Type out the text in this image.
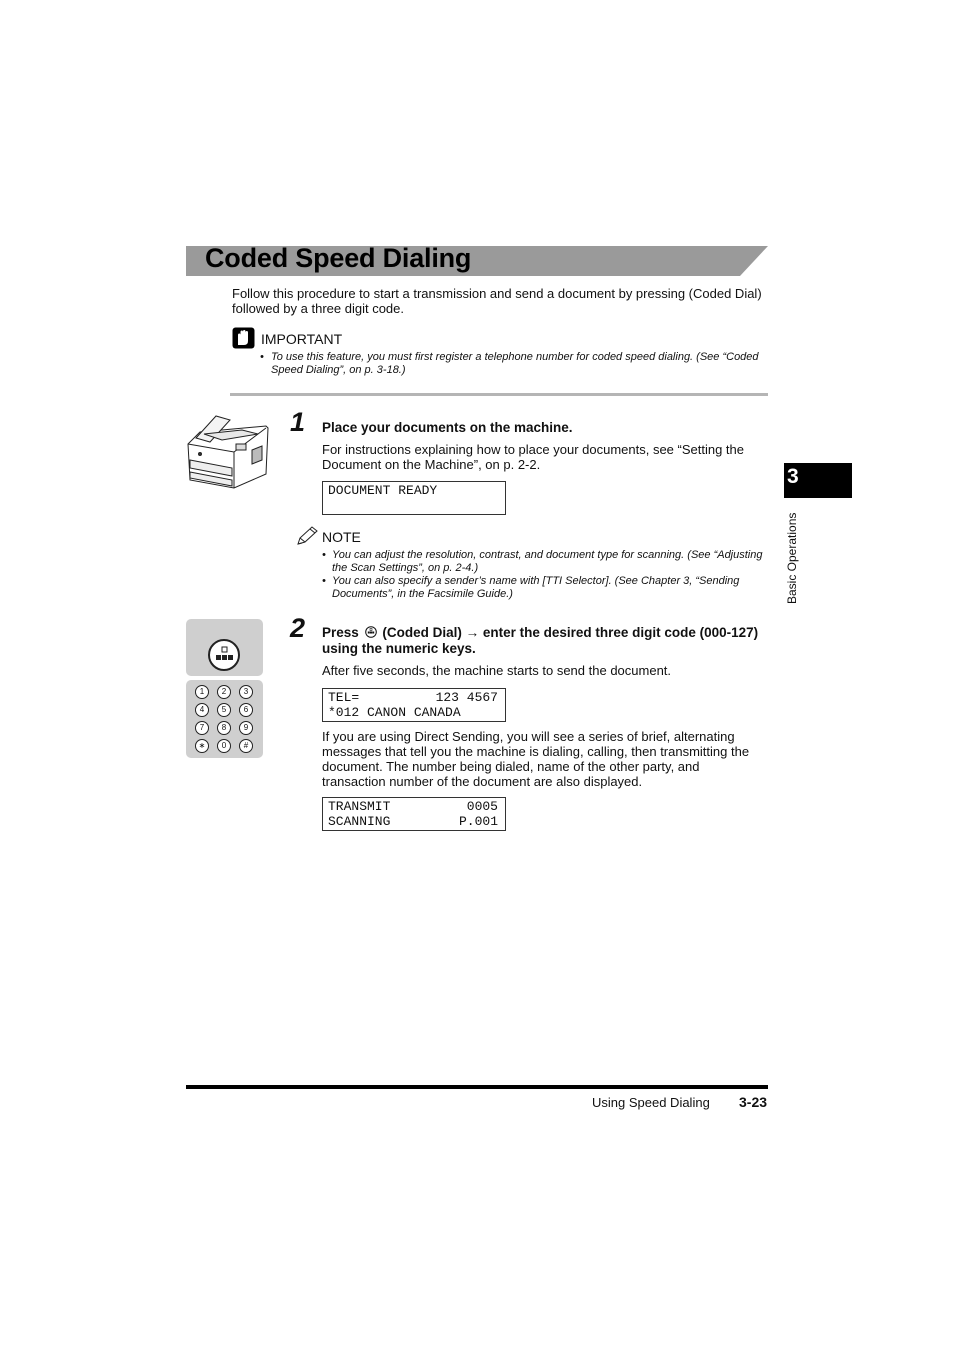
Coded Speed Dialing
Follow this procedure to start a transmission and send a document by pressing (Coded Dial) followed by a three digit code.
IMPORTANT
• To use this feature, you must first register a telephone number for coded speed dialing. (See “Coded Speed Dialing”, on p. 3-18.)
1 Place your documents on the machine.
For instructions explaining how to place your documents, see “Setting the Document on the Machine”, on p. 2-2.
DOCUMENT READY
NOTE
• You can adjust the resolution, contrast, and document type for scanning. (See “Adjusting the Scan Settings”, on p. 2-4.)
• You can also specify a sender’s name with [TTI Selector]. (See Chapter 3, “Sending Documents”, in the Facsimile Guide.)
1	2	3
4	5	6
7	8	9
∗	0	#
2 Press (Coded Dial) → enter the desired three digit code (000-127) using the numeric keys.
After five seconds, the machine starts to send the document.
TEL=	123 4567
*012 CANON CANADA
If you are using Direct Sending, you will see a series of brief, alternating messages that tell you the machine is dialing, calling, then transmitting the document. The number being dialed, name of the other party, and transaction number of the document are also displayed.
TRANSMIT	0005
SCANNING	P.001
3
Basic Operations
Using Speed Dialing 3-23
